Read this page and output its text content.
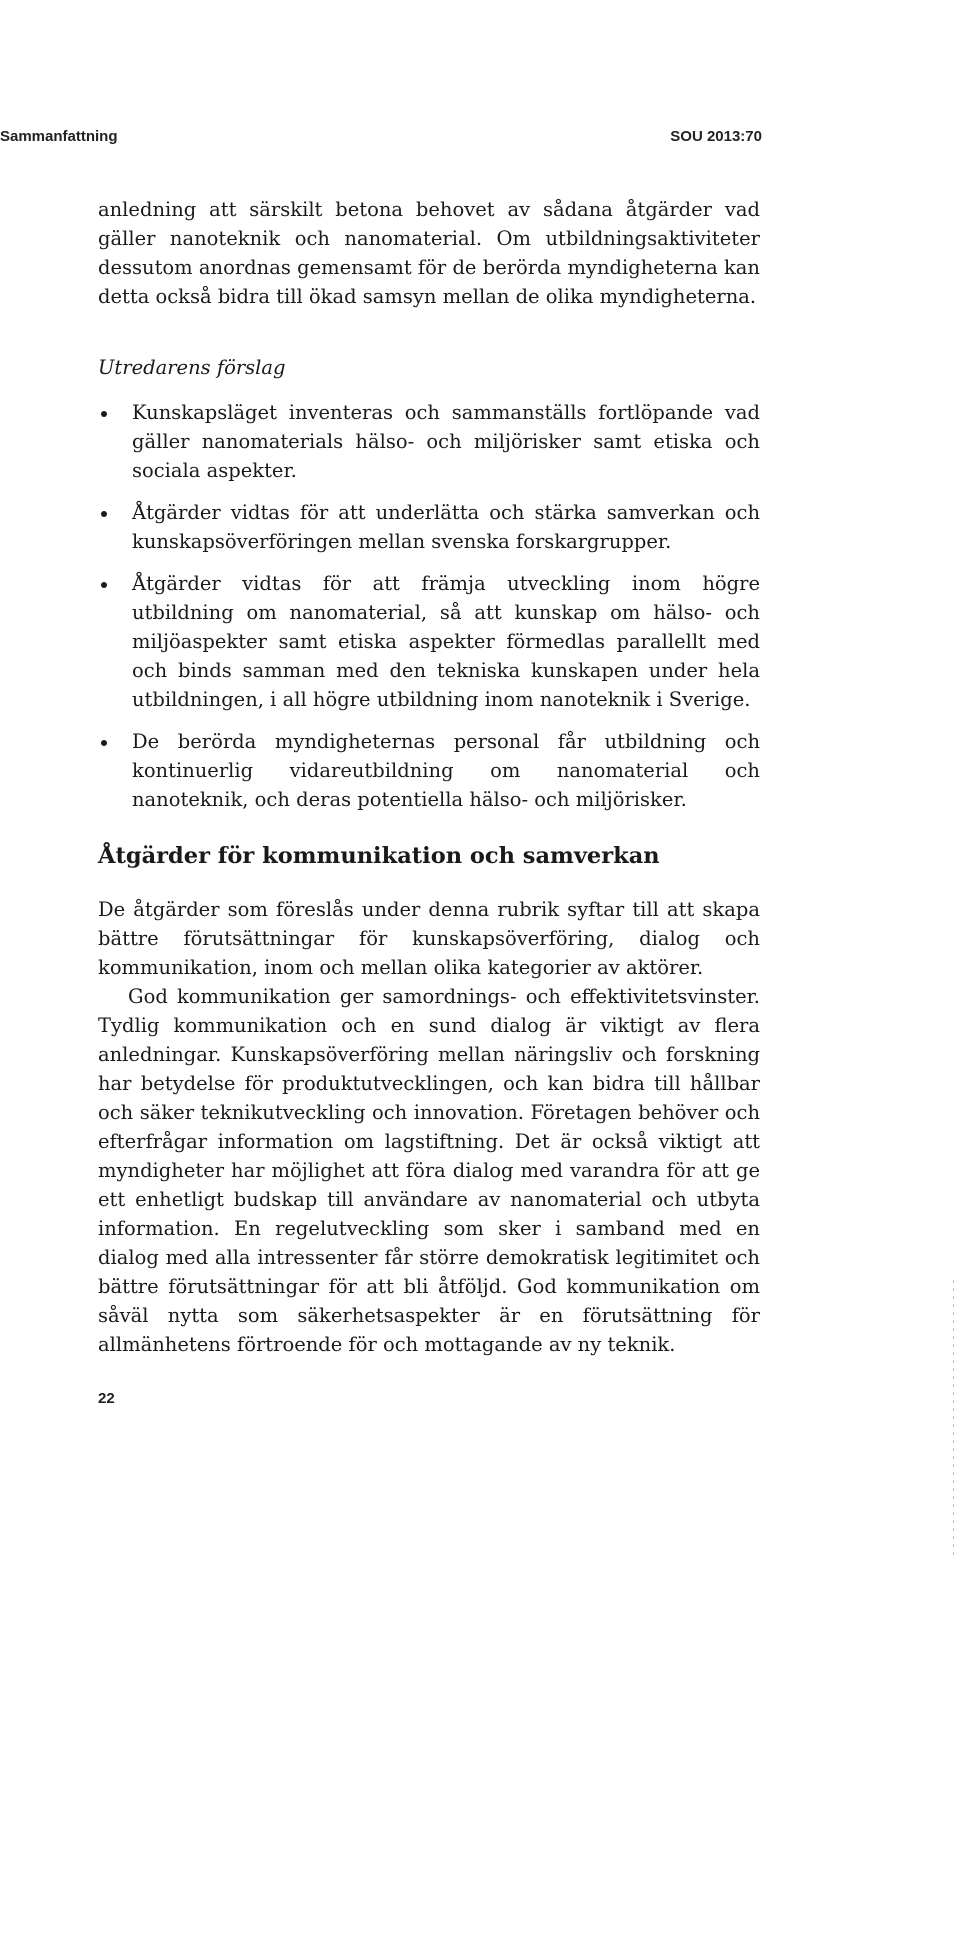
Sammanfattning	SOU 2013:70

anledning att särskilt betona behovet av sådana åtgärder vad gäller nanoteknik och nanomaterial. Om utbildningsaktiviteter dessutom anordnas gemensamt för de berörda myndigheterna kan detta också bidra till ökad samsyn mellan de olika myndigheterna.

Utredarens förslag

Kunskapsläget inventeras och sammanställs fortlöpande vad gäller nanomaterials hälso- och miljörisker samt etiska och sociala aspekter.
Åtgärder vidtas för att underlätta och stärka samverkan och kunskapsöverföringen mellan svenska forskargrupper.
Åtgärder vidtas för att främja utveckling inom högre utbildning om nanomaterial, så att kunskap om hälso- och miljöaspekter samt etiska aspekter förmedlas parallellt med och binds samman med den tekniska kunskapen under hela utbildningen, i all högre utbildning inom nanoteknik i Sverige.
De berörda myndigheternas personal får utbildning och kontinuerlig vidareutbildning om nanomaterial och nanoteknik, och deras potentiella hälso- och miljörisker.
Åtgärder för kommunikation och samverkan

De åtgärder som föreslås under denna rubrik syftar till att skapa bättre förutsättningar för kunskapsöverföring, dialog och kommunikation, inom och mellan olika kategorier av aktörer.

God kommunikation ger samordnings- och effektivitetsvinster. Tydlig kommunikation och en sund dialog är viktigt av flera anledningar. Kunskapsöverföring mellan näringsliv och forskning har betydelse för produktutvecklingen, och kan bidra till hållbar och säker teknikutveckling och innovation. Företagen behöver och efterfrågar information om lagstiftning. Det är också viktigt att myndigheter har möjlighet att föra dialog med varandra för att ge ett enhetligt budskap till användare av nanomaterial och utbyta information. En regelutveckling som sker i samband med en dialog med alla intressenter får större demokratisk legitimitet och bättre förutsättningar för att bli åtföljd. God kommunikation om såväl nytta som säkerhetsaspekter är en förutsättning för allmänhetens förtroende för och mottagande av ny teknik.

22
